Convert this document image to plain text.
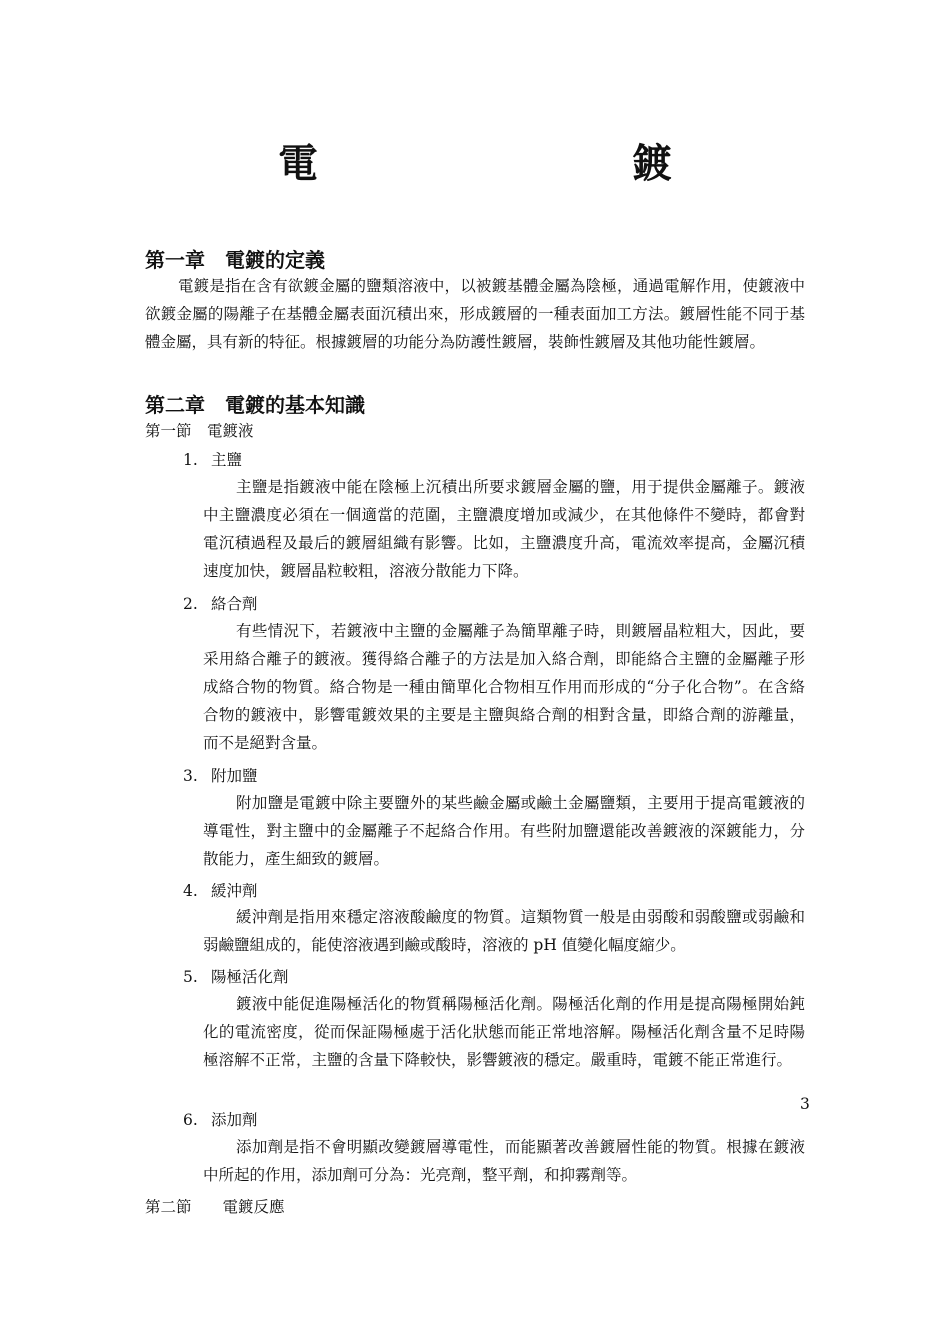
電　　鍍
第一章　電鍍的定義

電鍍是指在含有欲鍍金屬的鹽類溶液中，以被鍍基體金屬為陰極，通過電解作用，使鍍液中欲鍍金屬的陽離子在基體金屬表面沉積出來，形成鍍層的一種表面加工方法。鍍層性能不同于基體金屬，具有新的特征。根據鍍層的功能分為防護性鍍層，裝飾性鍍層及其他功能性鍍層。

第二章　電鍍的基本知識

第一節　電鍍液

1. 主鹽

主鹽是指鍍液中能在陰極上沉積出所要求鍍層金屬的鹽，用于提供金屬離子。鍍液中主鹽濃度必須在一個適當的范圍，主鹽濃度增加或減少，在其他條件不變時，都會對電沉積過程及最后的鍍層組織有影響。比如，主鹽濃度升高，電流效率提高，金屬沉積速度加快，鍍層晶粒較粗，溶液分散能力下降。

2. 絡合劑

有些情況下，若鍍液中主鹽的金屬離子為簡單離子時，則鍍層晶粒粗大，因此，要采用絡合離子的鍍液。獲得絡合離子的方法是加入絡合劑，即能絡合主鹽的金屬離子形成絡合物的物質。絡合物是一種由簡單化合物相互作用而形成的“分子化合物”。在含絡合物的鍍液中，影響電鍍效果的主要是主鹽與絡合劑的相對含量，即絡合劑的游離量，而不是絕對含量。

3. 附加鹽

附加鹽是電鍍中除主要鹽外的某些鹼金屬或鹼土金屬鹽類，主要用于提高電鍍液的導電性，對主鹽中的金屬離子不起絡合作用。有些附加鹽還能改善鍍液的深鍍能力，分散能力，產生細致的鍍層。

4. 緩沖劑

緩沖劑是指用來穩定溶液酸鹼度的物質。這類物質一般是由弱酸和弱酸鹽或弱鹼和弱鹼鹽組成的，能使溶液遇到鹼或酸時，溶液的 pH 值變化幅度縮少。

5. 陽極活化劑

鍍液中能促進陽極活化的物質稱陽極活化劑。陽極活化劑的作用是提高陽極開始鈍化的電流密度，從而保証陽極處于活化狀態而能正常地溶解。陽極活化劑含量不足時陽極溶解不正常，主鹽的含量下降較快，影響鍍液的穩定。嚴重時，電鍍不能正常進行。

3

6. 添加劑

添加劑是指不會明顯改變鍍層導電性，而能顯著改善鍍層性能的物質。根據在鍍液中所起的作用，添加劑可分為：光亮劑，整平劑，和抑霧劑等。

第二節　　電鍍反應
